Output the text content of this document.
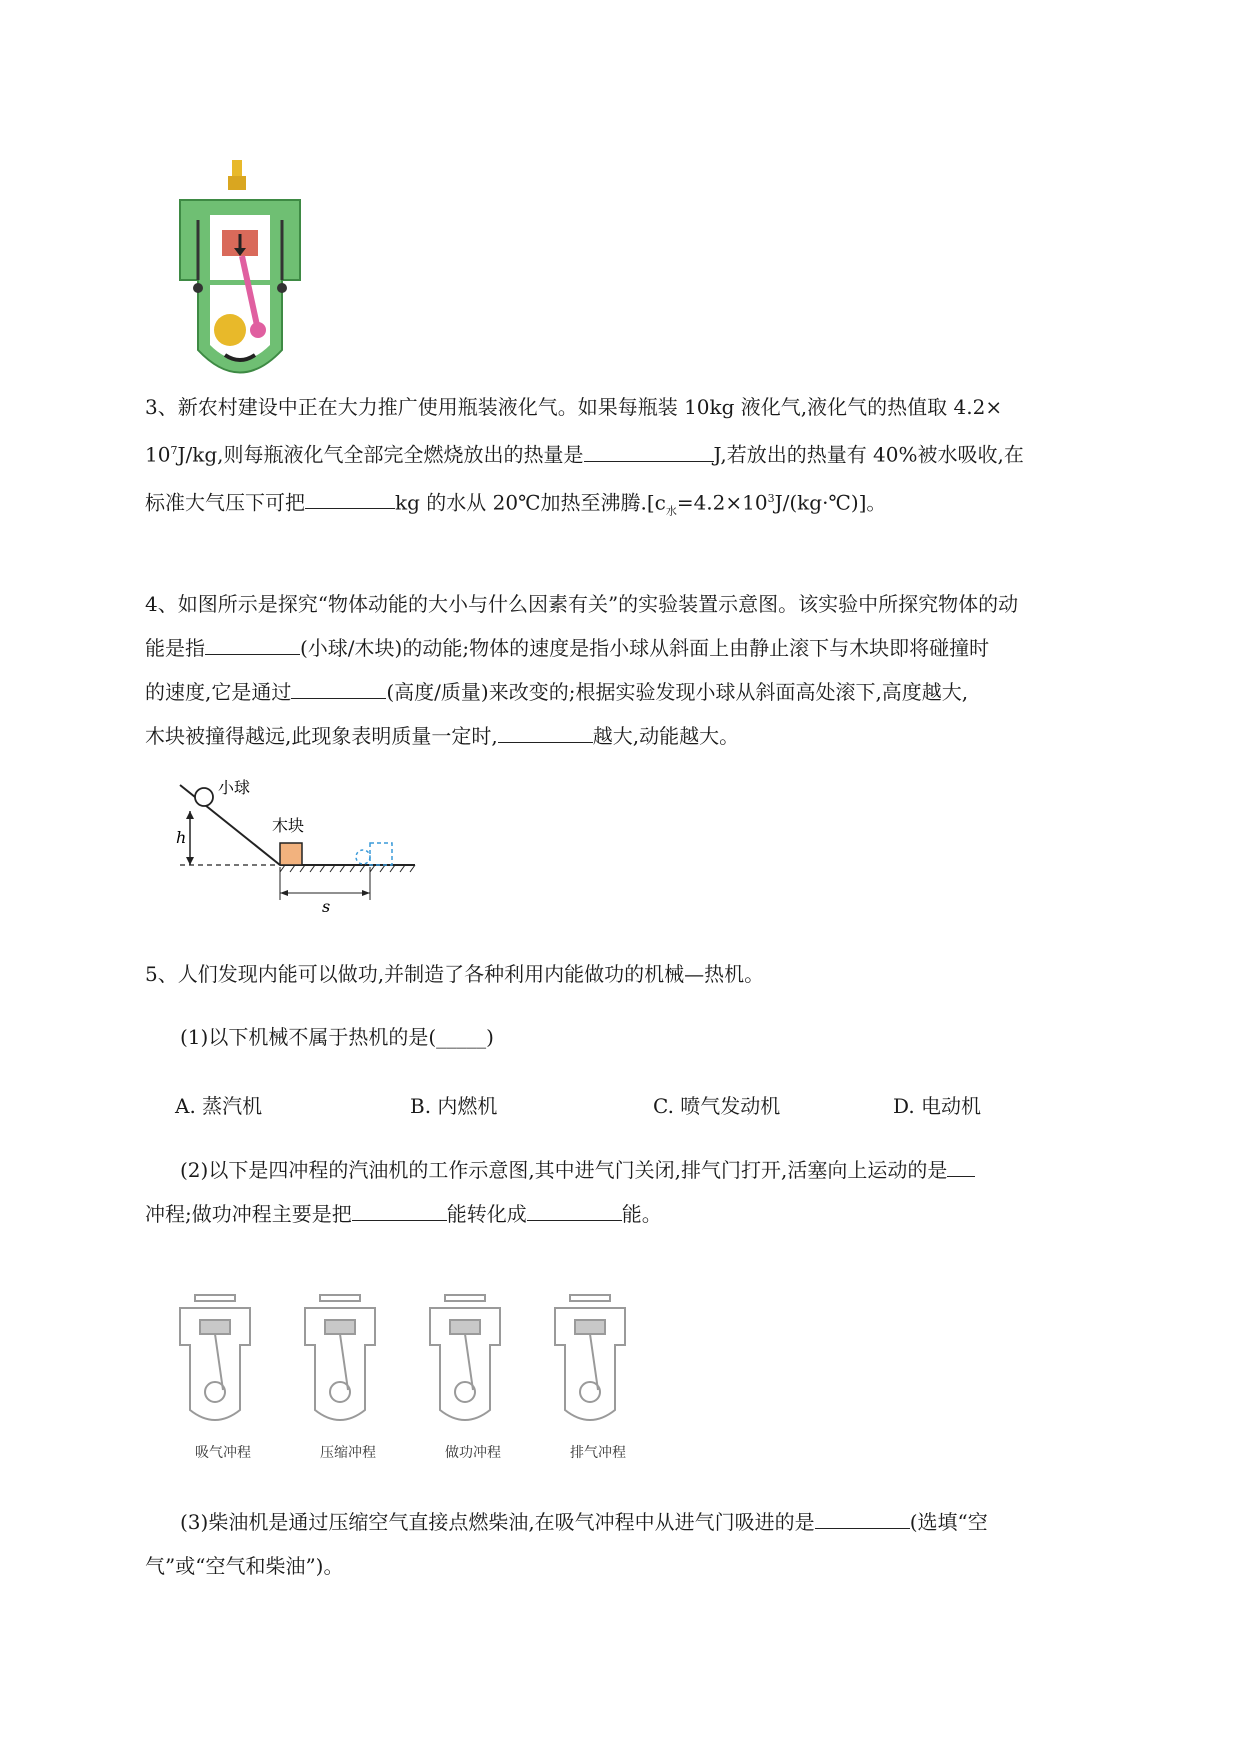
3、新农村建设中正在大力推广使用瓶装液化气。如果每瓶装 10kg 液化气,液化气的热值取 4.2×
$10^7J/kg$,则每瓶液化气全部完全燃烧放出的热量是	J,若放出的热量有 40%被水吸收,在
标准大气压下可把	kg 的水从 20℃加热至沸腾$.[c_水=4.2\times 10^3J/(kg\cdot℃)]$。
4、如图所示是探究“物体动能的大小与什么因素有关”的实验装置示意图。该实验中所探究物体的动
能是指	(小球/木块)的动能;物体的速度是指小球从斜面上由静止滚下与木块即将碰撞时
的速度,它是通过	(高度/质量)来改变的;根据实验发现小球从斜面高处滚下,高度越大,
木块被撞得越远,此现象表明质量一定时,	越大,动能越大。
小球
木块
h
s
5、人们发现内能可以做功,并制造了各种利用内能做功的机械—热机。
(1)以下机械不属于热机的是(_____)
A. 蒸汽机	B. 内燃机	C. 喷气发动机	D. 电动机
(2)以下是四冲程的汽油机的工作示意图,其中进气门关闭,排气门打开,活塞向上运动的是
冲程;做功冲程主要是把	能转化成	能。
吸气冲程	压缩冲程	做功冲程	排气冲程
(3)柴油机是通过压缩空气直接点燃柴油,在吸气冲程中从进气门吸进的是	(选填“空
气”或“空气和柴油”)。
